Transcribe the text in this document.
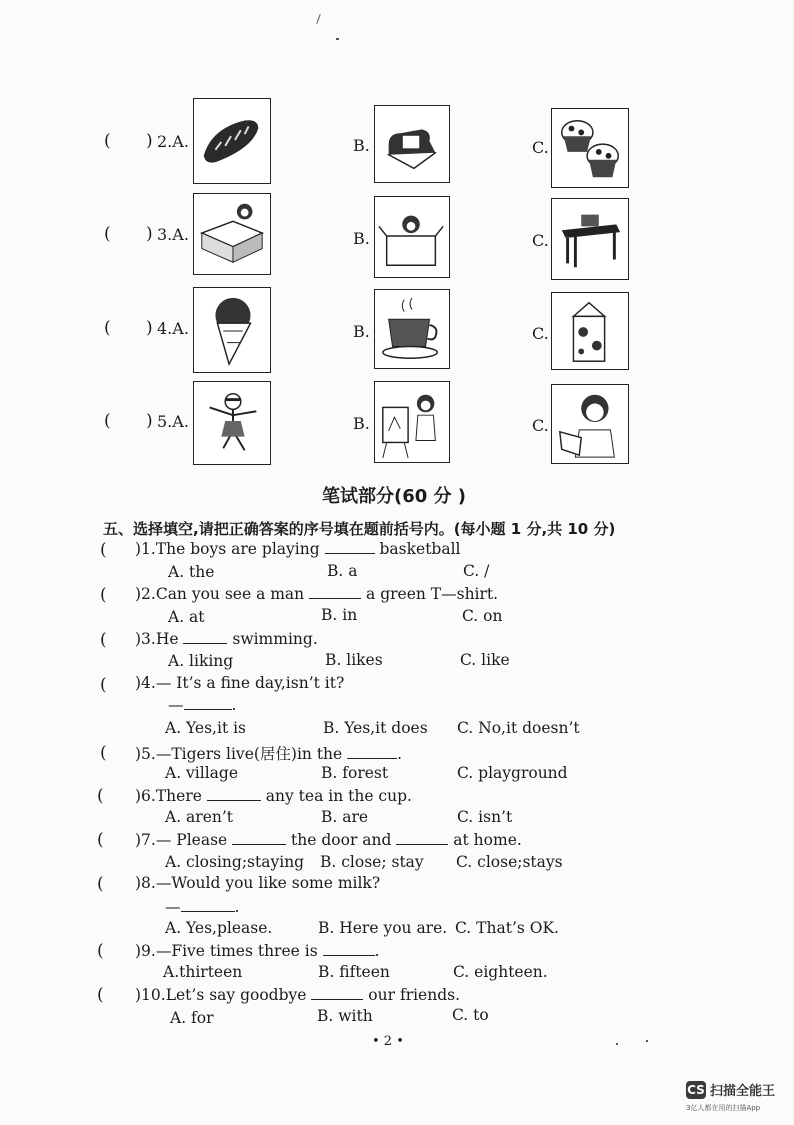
( ) 2.A.	B.	C.
( ) 3.A.	B.	C.
( ) 4.A.	B.	C.
( ) 5.A.	B.	C.
笔试部分(60 分 )
五、选择填空,请把正确答案的序号填在题前括号内。(每小题 1 分,共 10 分)
( )1.The boys are playing	basketball
A. the	B. a	C. /
( )2.Can you see a man	a green T—shirt.
A. at	B. in	C. on
( )3.He	swimming.
A. liking	B. likes	C. like
( )4.— It’s a fine day,isn’t it?
—	.
A. Yes,it is	B. Yes,it does C. No,it doesn’t
( )5.—Tigers live(居住)in the	.
A. village	B. forest	C. playground
( )6.There	any tea in the cup.
A. aren’t	B. are	C. isn’t
( )7.— Please	the door and	at home.
A. closing;staying B. close; stay C. close;stays
( )8.—Would you like some milk?
—	.
A. Yes,please.	B. Here you are. C. That’s OK.
( )9.—Five times three is	.
A.thirteen	B. fifteen	C. eighteen.
( )10.Let’s say goodbye	our friends.
A. for	B. with	C. to
• 2 •
CS 扫描全能王
3亿人都在用的扫描App
